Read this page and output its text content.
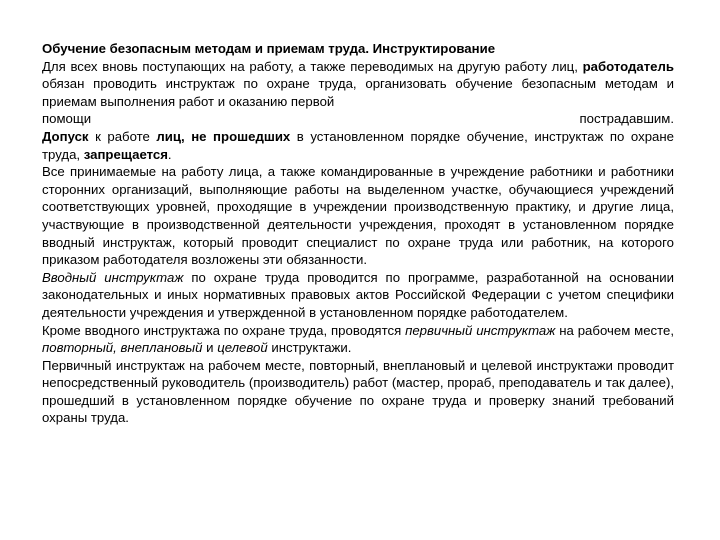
Обучение безопасным методам и приемам труда. Инструктирование

Для всех вновь поступающих на работу, а также переводимых на другую работу лиц, работодатель обязан проводить инструктаж по охране труда, организовать обучение безопасным методам и приемам выполнения работ и оказанию первой

помощи	пострадавшим.

Допуск к работе лиц, не прошедших в установленном порядке обучение, инструктаж по охране труда, запрещается.

Все принимаемые на работу лица, а также командированные в учреждение работники и работники сторонних организаций, выполняющие работы на выделенном участке, обучающиеся учреждений соответствующих уровней, проходящие в учреждении производственную практику, и другие лица, участвующие в производственной деятельности учреждения, проходят в установленном порядке вводный инструктаж, который проводит специалист по охране труда или работник, на которого приказом работодателя возложены эти обязанности.

Вводный инструктаж по охране труда проводится по программе, разработанной на основании законодательных и иных нормативных правовых актов Российской Федерации с учетом специфики деятельности учреждения и утвержденной в установленном порядке работодателем.

Кроме вводного инструктажа по охране труда, проводятся первичный инструктаж на рабочем месте, повторный, внеплановый и целевой инструктажи.

Первичный инструктаж на рабочем месте, повторный, внеплановый и целевой инструктажи проводит непосредственный руководитель (производитель) работ (мастер, прораб, преподаватель и так далее), прошедший в установленном порядке обучение по охране труда и проверку знаний требований охраны труда.
